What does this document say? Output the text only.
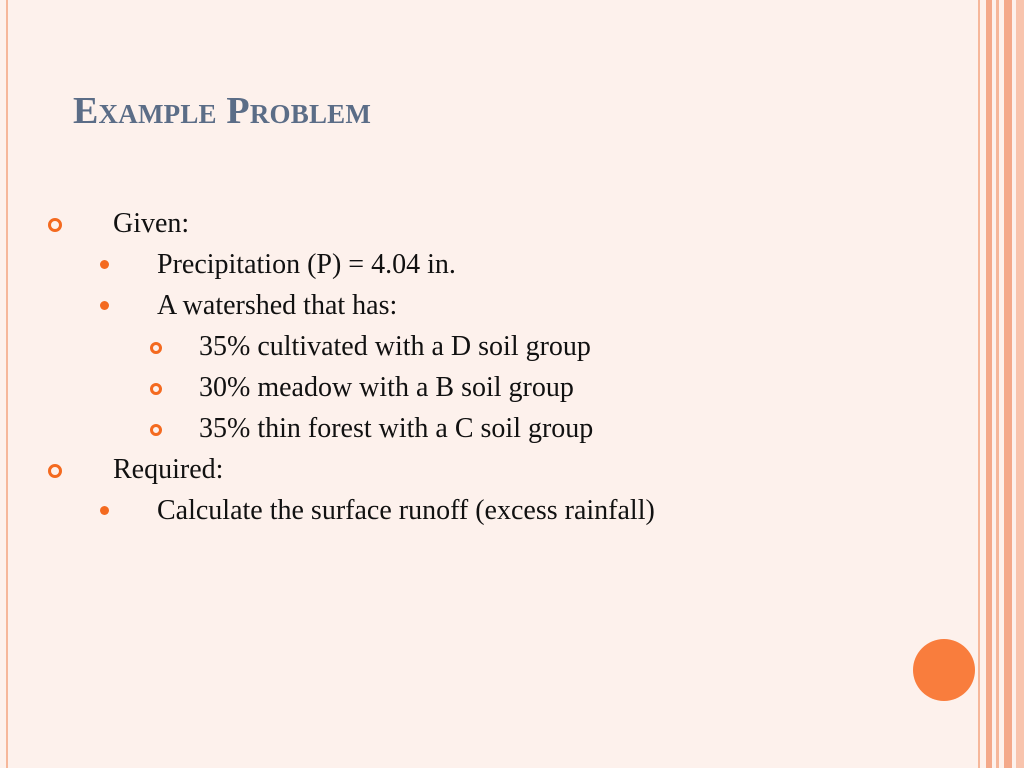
Example Problem
Given:
Precipitation (P) = 4.04 in.
A watershed that has:
35% cultivated with a D soil group
30% meadow with a B soil group
35% thin forest with a C soil group
Required:
Calculate the surface runoff (excess rainfall)
